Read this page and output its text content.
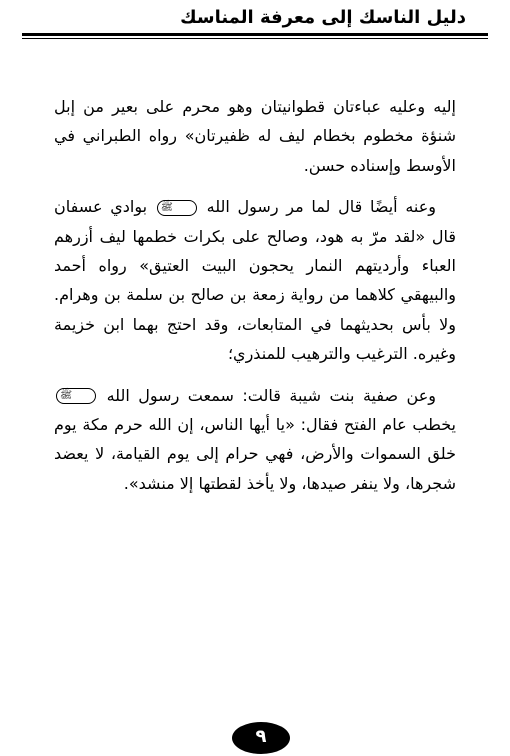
دليل الناسك إلى معرفة المناسك

إليه وعليه عباءتان قطوانيتان وهو محرم على بعير من إبل شنؤة مخطوم بخطام ليف له ظفيرتان» رواه الطبراني في الأوسط وإسناده حسن.

وعنه أيضًا قال لما مر رسول الله ﷺ بوادي عسفان قال «لقد مرّ به هود، وصالح على بكرات خطمها ليف أزرهم العباء وأرديتهم النمار يحجون البيت العتيق» رواه أحمد والبيهقي كلاهما من رواية زمعة بن صالح بن سلمة بن وهرام. ولا بأس بحديثهما في المتابعات، وقد احتج بهما ابن خزيمة وغيره. الترغيب والترهيب للمنذري؛

وعن صفية بنت شيبة قالت: سمعت رسول الله ﷺ يخطب عام الفتح فقال: «يا أيها الناس، إن الله حرم مكة يوم خلق السموات والأرض، فهي حرام إلى يوم القيامة، لا يعضد شجرها، ولا ينفر صيدها، ولا يأخذ لقطتها إلا منشد».

٩
